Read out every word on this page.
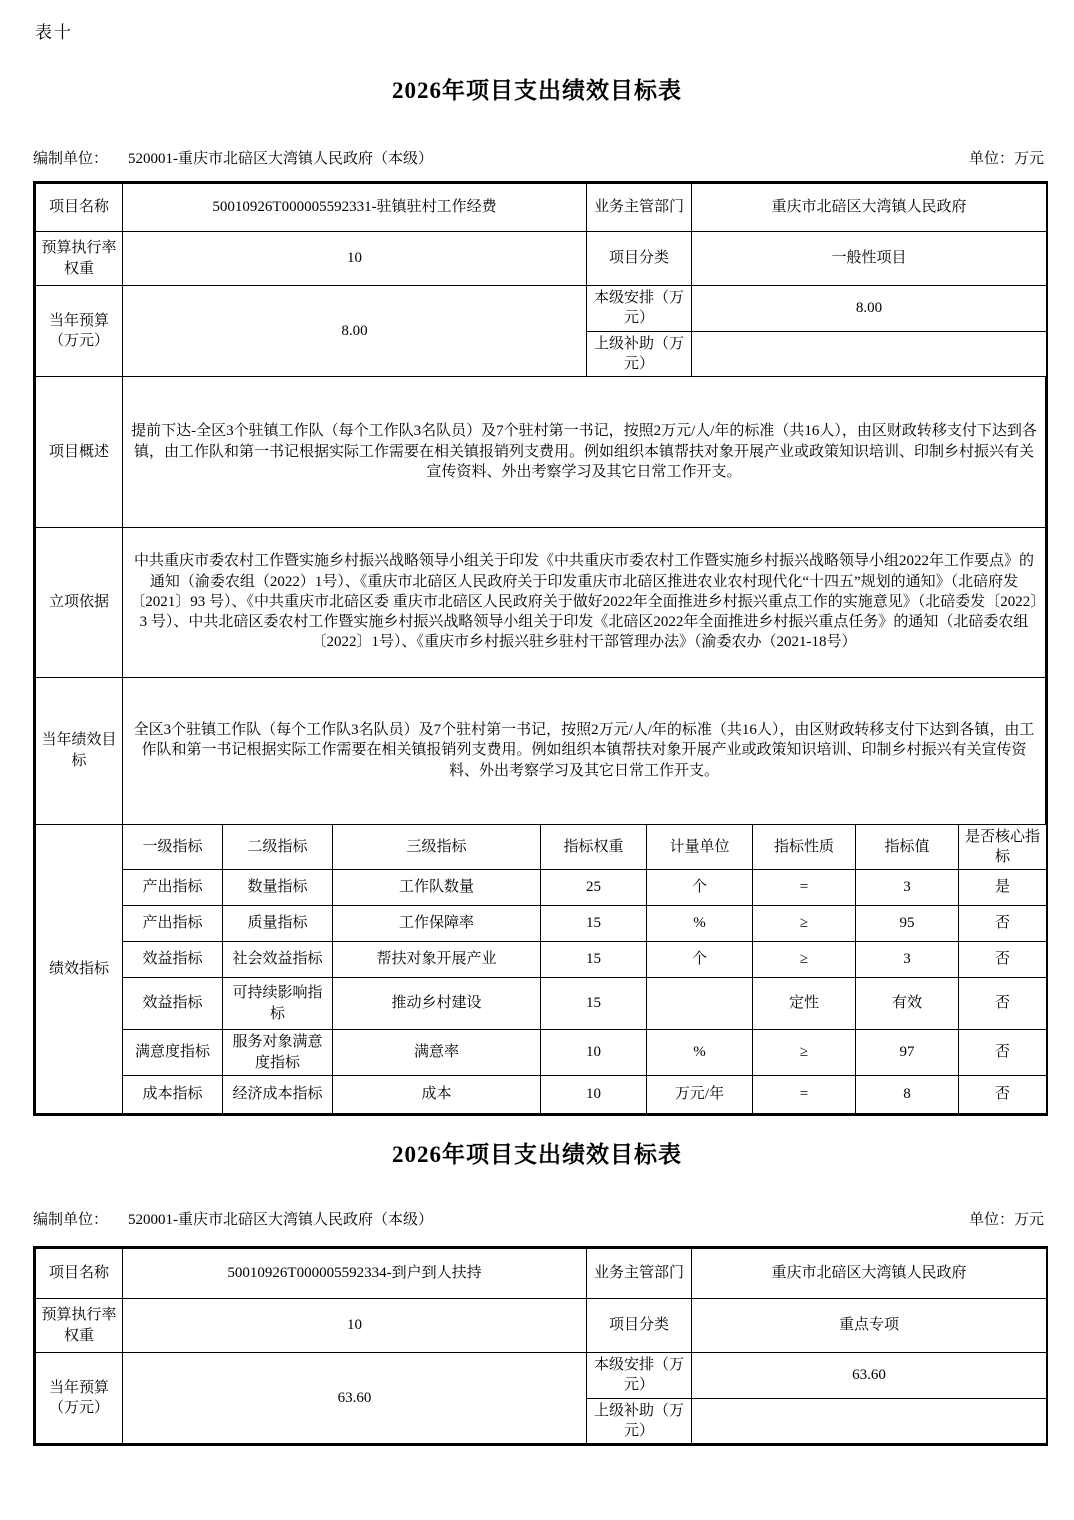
表十
2026年项目支出绩效目标表
编制单位： 520001-重庆市北碚区大湾镇人民政府（本级）	单位：万元
项目名称	50010926T000005592331-驻镇驻村工作经费	业务主管部门	重庆市北碚区大湾镇人民政府
预算执行率权重	10	项目分类	一般性项目
当年预算（万元）	8.00	本级安排（万元）	8.00
		上级补助（万元）	
项目概述	提前下达-全区3个驻镇工作队（每个工作队3名队员）及7个驻村第一书记，按照2万元/人/年的标准（共16人），由区财政转移支付下达到各镇，由工作队和第一书记根据实际工作需要在相关镇报销列支费用。例如组织本镇帮扶对象开展产业或政策知识培训、印制乡村振兴有关宣传资料、外出考察学习及其它日常工作开支。
立项依据	中共重庆市委农村工作暨实施乡村振兴战略领导小组关于印发《中共重庆市委农村工作暨实施乡村振兴战略领导小组2022年工作要点》的通知（渝委农组（2022）1号）、《重庆市北碚区人民政府关于印发重庆市北碚区推进农业农村现代化“十四五”规划的通知》（北碚府发〔2021〕93 号）、《中共重庆市北碚区委 重庆市北碚区人民政府关于做好2022年全面推进乡村振兴重点工作的实施意见》（北碚委发〔2022〕3 号）、中共北碚区委农村工作暨实施乡村振兴战略领导小组关于印发《北碚区2022年全面推进乡村振兴重点任务》的通知（北碚委农组〔2022〕1号）、《重庆市乡村振兴驻乡驻村干部管理办法》（渝委农办（2021-18号）
当年绩效目标	全区3个驻镇工作队（每个工作队3名队员）及7个驻村第一书记，按照2万元/人/年的标准（共16人），由区财政转移支付下达到各镇，由工作队和第一书记根据实际工作需要在相关镇报销列支费用。例如组织本镇帮扶对象开展产业或政策知识培训、印制乡村振兴有关宣传资料、外出考察学习及其它日常工作开支。
绩效指标	一级指标	二级指标	三级指标	指标权重	计量单位	指标性质	指标值	是否核心指标
	产出指标	数量指标	工作队数量	25	个	=	3	是
	产出指标	质量指标	工作保障率	15	%	≥	95	否
	效益指标	社会效益指标	帮扶对象开展产业	15	个	≥	3	否
	效益指标	可持续影响指标	推动乡村建设	15		定性	有效	否
	满意度指标	服务对象满意度指标	满意率	10	%	≥	97	否
	成本指标	经济成本指标	成本	10	万元/年	=	8	否
2026年项目支出绩效目标表
编制单位： 520001-重庆市北碚区大湾镇人民政府（本级）	单位：万元
项目名称	50010926T000005592334-到户到人扶持	业务主管部门	重庆市北碚区大湾镇人民政府
预算执行率权重	10	项目分类	重点专项
当年预算（万元）	63.60	本级安排（万元）	63.60
		上级补助（万元）	
